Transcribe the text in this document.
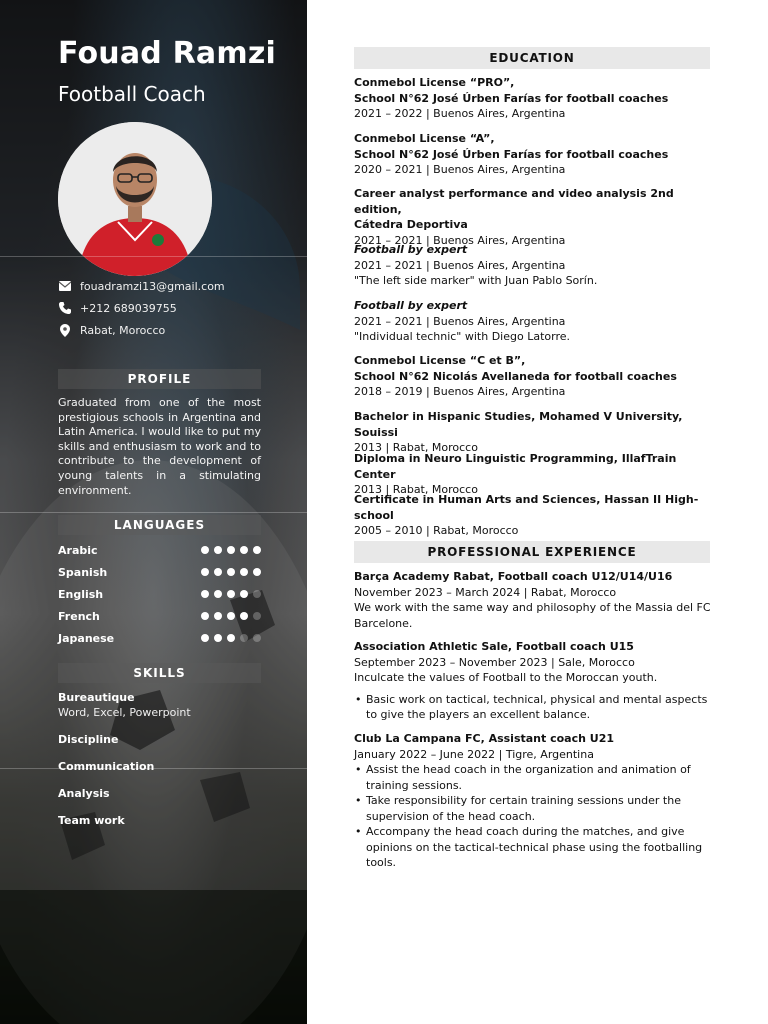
Fouad Ramzi
Football Coach
fouadramzi13@gmail.com
+212 689039755
Rabat, Morocco
PROFILE
Graduated from one of the most prestigious schools in Argentina and Latin America. I would like to put my skills and enthusiasm to work and to contribute to the development of young talents in a stimulating environment.
LANGUAGES
Arabic
Spanish
English
French
Japanese
SKILLS
Bureautique
Word, Excel, Powerpoint
Discipline
Communication
Analysis
Team work
EDUCATION
Conmebol License “PRO”,
School N°62 José Úrben Farías for football coaches
2021 – 2022 | Buenos Aires, Argentina
Conmebol License “A”,
School N°62 José Úrben Farías for football coaches
2020 – 2021 | Buenos Aires, Argentina
Career analyst performance and video analysis 2nd edition,
Cátedra Deportiva
2021 – 2021 | Buenos Aires, Argentina
Football by expert
2021 – 2021 | Buenos Aires, Argentina
"The left side marker" with Juan Pablo Sorín.
Football by expert
2021 – 2021 | Buenos Aires, Argentina
"Individual technic" with Diego Latorre.
Conmebol License “C et B”,
School N°62 Nicolás Avellaneda for football coaches
2018 – 2019 | Buenos Aires, Argentina
Bachelor in Hispanic Studies, Mohamed V University, Souissi
2013 | Rabat, Morocco
Diploma in Neuro Linguistic Programming, IllafTrain Center
2013 | Rabat, Morocco
Certificate in Human Arts and Sciences, Hassan II High-school
2005 – 2010 | Rabat, Morocco
PROFESSIONAL EXPERIENCE
Barça Academy Rabat, Football coach U12/U14/U16
November 2023 – March 2024 | Rabat, Morocco
We work with the same way and philosophy of the Massia del FC Barcelone.
Association Athletic Sale, Football coach U15
September 2023 – November 2023 | Sale, Morocco
Inculcate the values of Football to the Moroccan youth.
• Basic work on tactical, technical, physical and mental aspects to give the players an excellent balance.
Club La Campana FC, Assistant coach U21
January 2022 – June 2022 | Tigre, Argentina
• Assist the head coach in the organization and animation of training sessions.
• Take responsibility for certain training sessions under the supervision of the head coach.
• Accompany the head coach during the matches, and give opinions on the tactical-technical phase using the footballing tools.
